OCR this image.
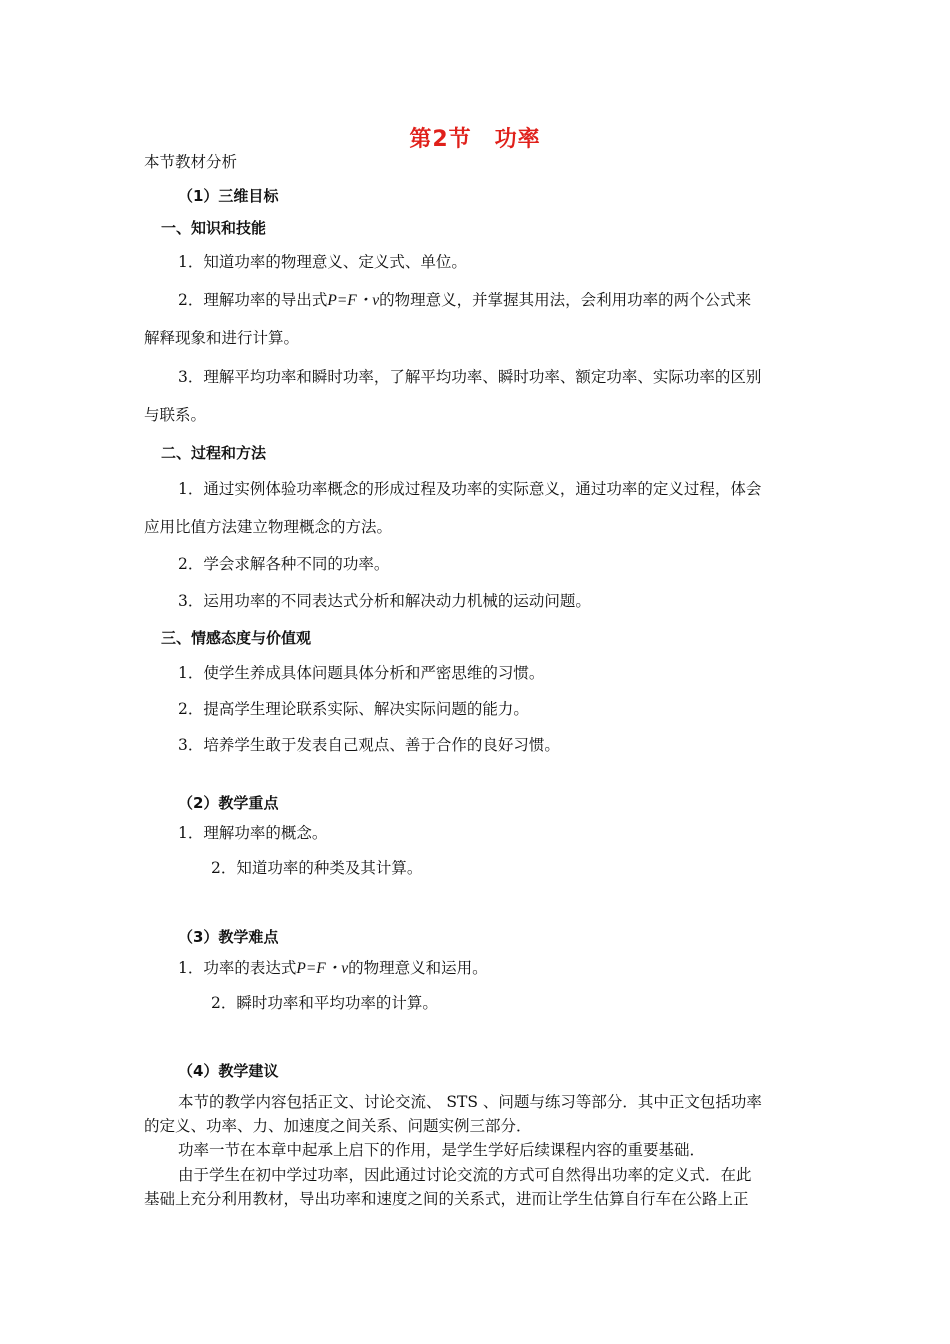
第2节　功率
本节教材分析
（1）三维目标
一、知识和技能
1．知道功率的物理意义、定义式、单位。
2．理解功率的导出式P=F・v的物理意义，并掌握其用法，会利用功率的两个公式来
解释现象和进行计算。
3．理解平均功率和瞬时功率，了解平均功率、瞬时功率、额定功率、实际功率的区别
与联系。
二、过程和方法
1．通过实例体验功率概念的形成过程及功率的实际意义，通过功率的定义过程，体会
应用比值方法建立物理概念的方法。
2．学会求解各种不同的功率。
3．运用功率的不同表达式分析和解决动力机械的运动问题。
三、情感态度与价值观
1．使学生养成具体问题具体分析和严密思维的习惯。
2．提高学生理论联系实际、解决实际问题的能力。
3．培养学生敢于发表自己观点、善于合作的良好习惯。
（2）教学重点
1．理解功率的概念。
2．知道功率的种类及其计算。
（3）教学难点
1．功率的表达式P=F・v的物理意义和运用。
2．瞬时功率和平均功率的计算。
（4）教学建议
本节的教学内容包括正文、讨论交流、 STS 、问题与练习等部分．其中正文包括功率
的定义、功率、力、加速度之间关系、问题实例三部分．
功率一节在本章中起承上启下的作用，是学生学好后续课程内容的重要基础．
由于学生在初中学过功率，因此通过讨论交流的方式可自然得出功率的定义式．在此
基础上充分利用教材，导出功率和速度之间的关系式，进而让学生估算自行车在公路上正
